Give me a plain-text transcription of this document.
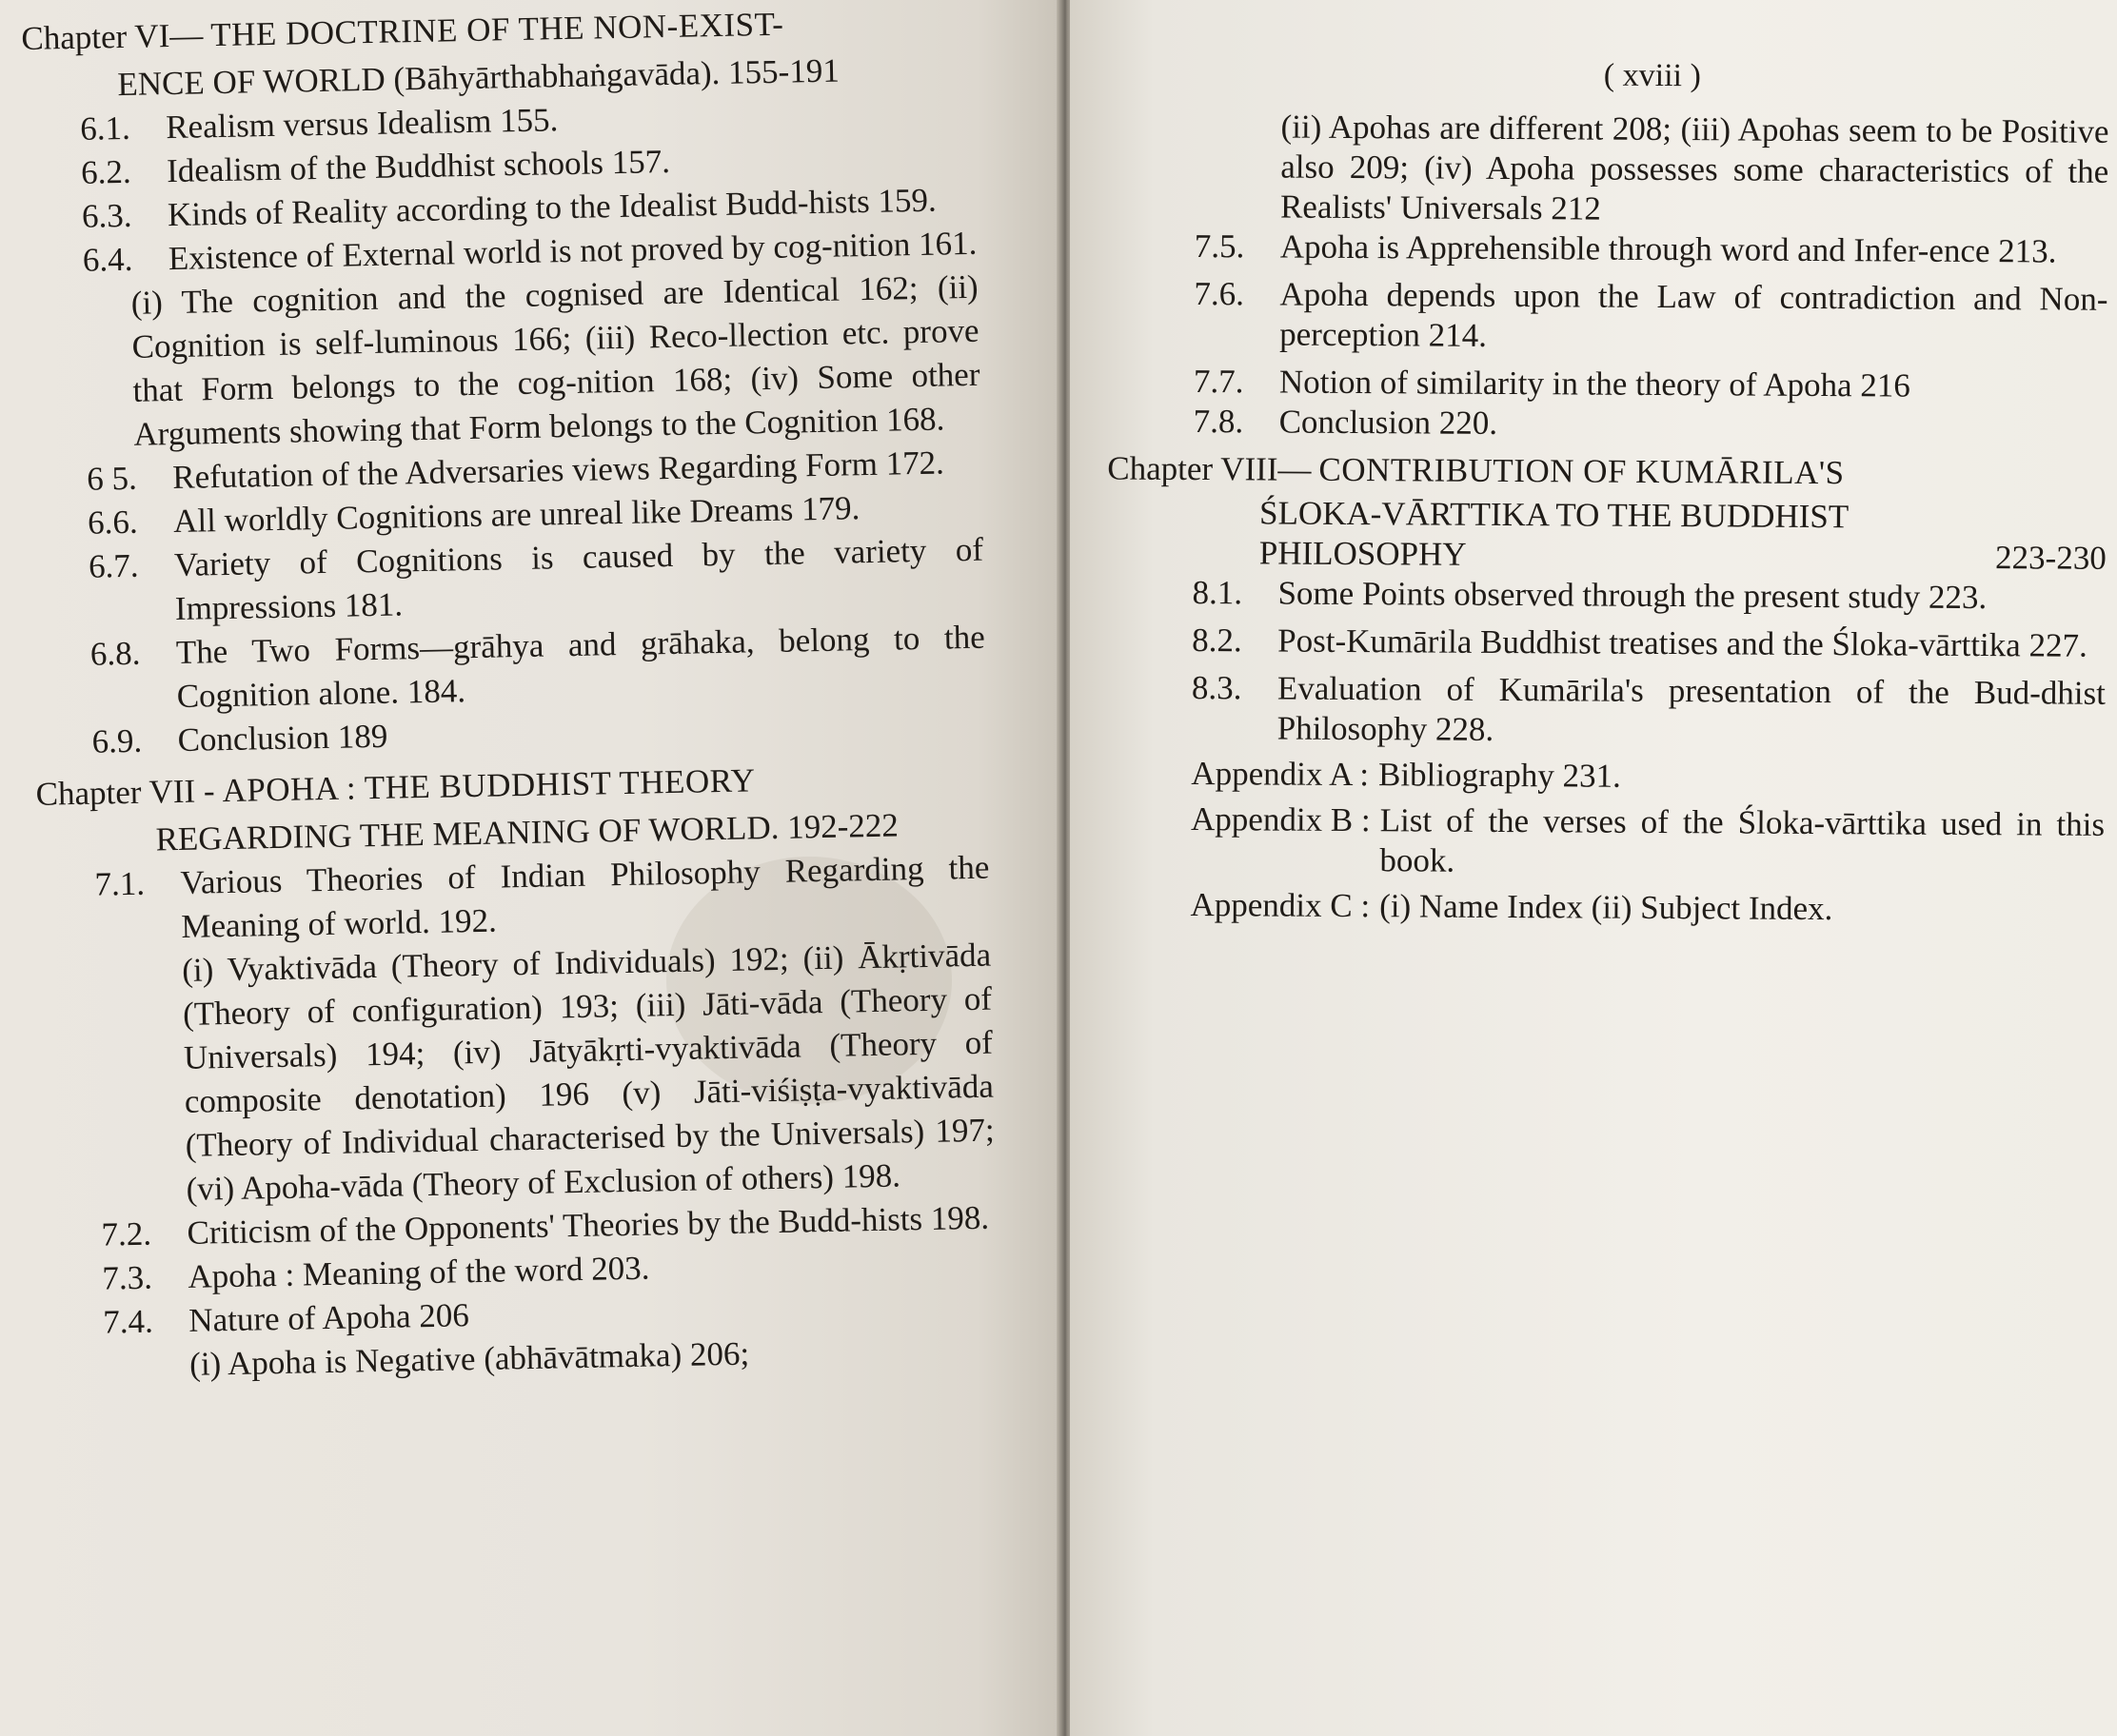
Chapter VI— THE DOCTRINE OF THE NON-EXIST-
ENCE OF WORLD (Bāhyārthabhaṅgavāda). 155-191
6.1.	Realism versus Idealism 155.
6.2.	Idealism of the Buddhist schools 157.
6.3.	Kinds of Reality according to the Idealist Budd-hists 159.
6.4.	Existence of External world is not proved by cog-nition 161.
(i) The cognition and the cognised are Identical 162; (ii) Cognition is self-luminous 166; (iii) Reco-llection etc. prove that Form belongs to the cog-nition 168; (iv) Some other Arguments showing that Form belongs to the Cognition 168.
6 5.	Refutation of the Adversaries views Regarding Form 172.
6.6.	All worldly Cognitions are unreal like Dreams 179.
6.7.	Variety of Cognitions is caused by the variety of Impressions 181.
6.8.	The Two Forms—grāhya and grāhaka, belong to the Cognition alone. 184.
6.9.	Conclusion 189
Chapter VII - APOHA : THE BUDDHIST THEORY
REGARDING THE MEANING OF WORLD. 192-222
7.1.	Various Theories of Indian Philosophy Regarding the Meaning of world. 192.
(i) Vyaktivāda (Theory of Individuals) 192; (ii) Ākṛtivāda (Theory of configuration) 193; (iii) Jāti-vāda (Theory of Universals) 194; (iv) Jātyākṛti-vyaktivāda (Theory of composite denotation) 196 (v) Jāti-viśiṣṭa-vyaktivāda (Theory of Individual characterised by the Universals) 197; (vi) Apoha-vāda (Theory of Exclusion of others) 198.
7.2.	Criticism of the Opponents' Theories by the Budd-hists 198.
7.3.	Apoha : Meaning of the word 203.
7.4.	Nature of Apoha 206
(i) Apoha is Negative (abhāvātmaka) 206;
( xviii )
(ii) Apohas are different 208; (iii) Apohas seem to be Positive also 209; (iv) Apoha possesses some characteristics of the Realists' Universals 212
7.5.	Apoha is Apprehensible through word and Infer-ence 213.
7.6.	Apoha depends upon the Law of contradiction and Non-perception 214.
7.7.	Notion of similarity in the theory of Apoha 216
7.8.	Conclusion 220.
Chapter VIII— CONTRIBUTION OF KUMĀRILA'S
ŚLOKA-VĀRTTIKA TO THE BUDDHIST
PHILOSOPHY	223-230
8.1.	Some Points observed through the present study 223.
8.2.	Post-Kumārila Buddhist treatises and the Śloka-vārttika 227.
8.3.	Evaluation of Kumārila's presentation of the Bud-dhist Philosophy 228.
Appendix A : Bibliography 231.
Appendix B : List of the verses of the Śloka-vārttika used in this book.
Appendix C : (i) Name Index (ii) Subject Index.
